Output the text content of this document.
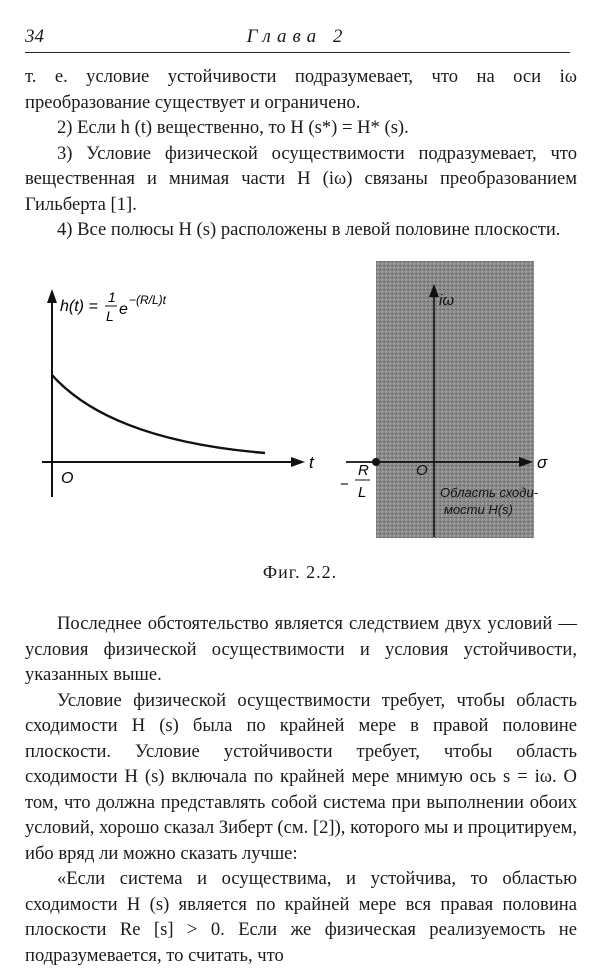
34	Глава 2

т. е. условие устойчивости подразумевает, что на оси iω преобразование существует и ограничено.

2) Если h (t) вещественно, то H (s*) = H* (s).

3) Условие физической осуществимости подразумевает, что вещественная и мнимая части H (iω) связаны преобразованием Гильберта [1].

4) Все полюсы H (s) расположены в левой половине плоскости.

h(t) =
1
L e
−(R/L)t
O
t
iω
σ
O
−
R
L	Область сходи-
мости H(s)
Фиг. 2.2.

Последнее обстоятельство является следствием двух условий — условия физической осуществимости и условия устойчивости, указанных выше.

Условие физической осуществимости требует, чтобы область сходимости H (s) была по крайней мере в правой половине плоскости. Условие устойчивости требует, чтобы область сходимости H (s) включала по крайней мере мнимую ось s = iω. О том, что должна представлять собой система при выполнении обоих условий, хорошо сказал Зиберт (см. [2]), которого мы и процитируем, ибо вряд ли можно сказать лучше:

«Если система и осуществима, и устойчива, то областью сходимости H (s) является по крайней мере вся правая половина плоскости Re [s] > 0. Если же физическая реализуемость не подразумевается, то считать, что
